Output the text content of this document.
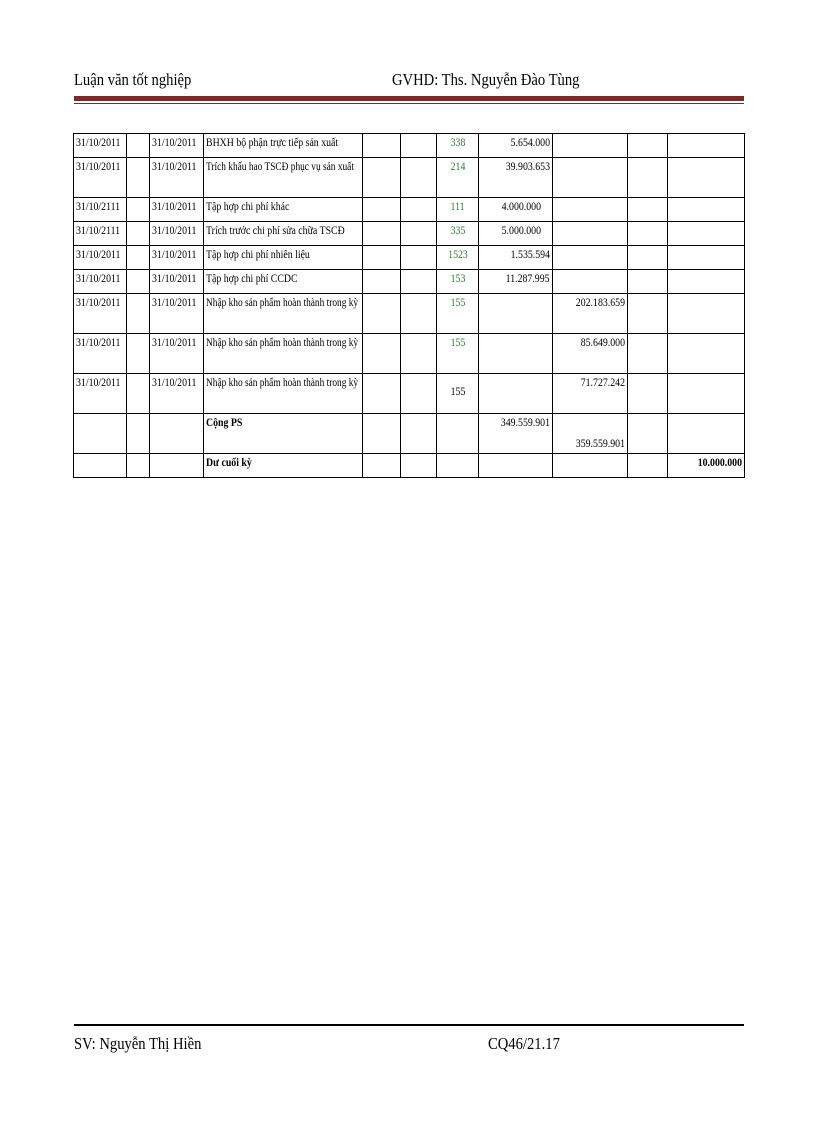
Luận văn tốt nghiệp	GVHD: Ths. Nguyễn Đào Tùng
31/10/2011		31/10/2011	BHXH bộ phận trực tiếp sản xuất			338	5.654.000			
31/10/2011		31/10/2011	Trích khấu hao TSCĐ phục vụ sản xuất			214	39.903.653			
31/10/2111		31/10/2011	Tập hợp chi phí khác			111	4.000.000			
31/10/2111		31/10/2011	Trích trước chi phí sửa chữa TSCĐ			335	5.000.000			
31/10/2011		31/10/2011	Tập hợp chi phí nhiên liệu			1523	1.535.594			
31/10/2011		31/10/2011	Tập hợp chi phí CCDC			153	11.287.995			
31/10/2011		31/10/2011	Nhập kho sản phẩm hoàn thành trong kỳ			155		202.183.659		
31/10/2011		31/10/2011	Nhập kho sản phẩm hoàn thành trong kỳ			155		85.649.000		
31/10/2011		31/10/2011	Nhập kho sản phẩm hoàn thành trong kỳ			155		71.727.242		
			Cộng PS				349.559.901	359.559.901		
			Dư cuối kỳ							10.000.000
SV: Nguyễn Thị Hiền	CQ46/21.17
